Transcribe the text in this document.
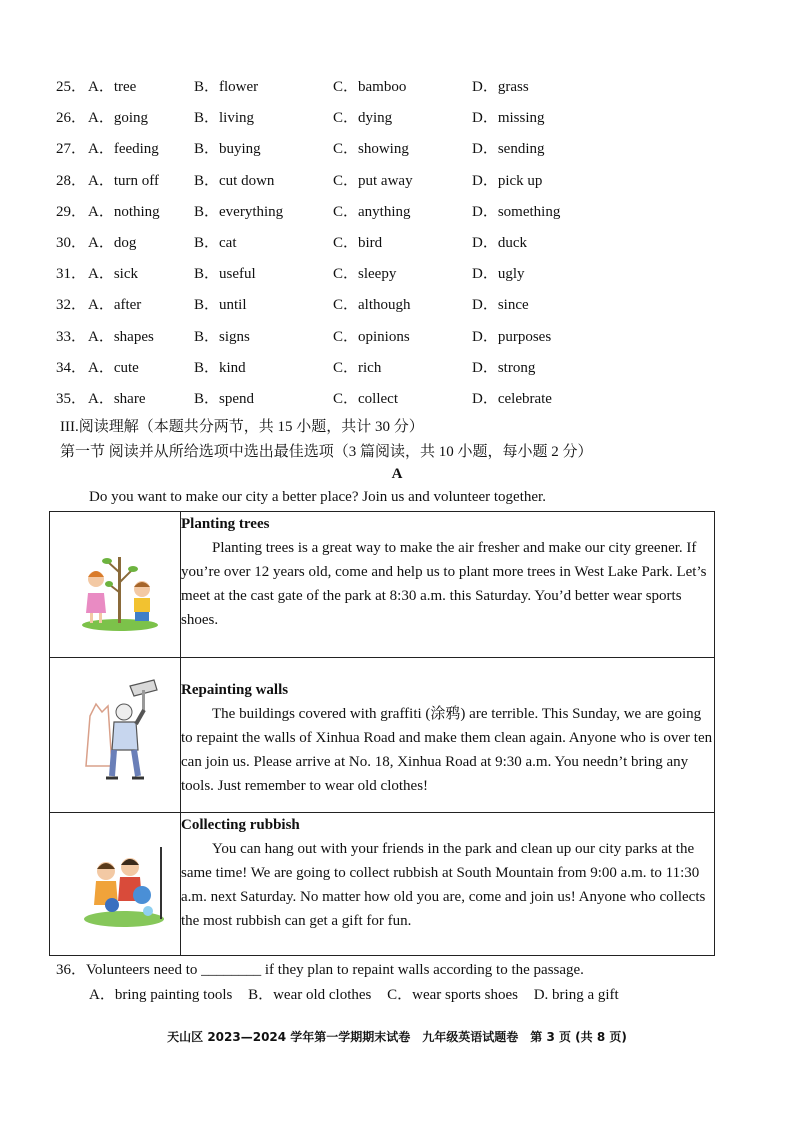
25． A．tree	B．flower	C．bamboo	D．grass
26． A．going	B．living	C．dying	D．missing
27． A．feeding B．buying	C．showing	D．sending
28． A．turn off B．cut down	C．put away	D．pick up
29． A．nothing B．everything	C．anything	D．something
30． A．dog	B．cat	C．bird	D．duck
31． A．sick	B．useful	C．sleepy	D．ugly
32． A．after	B．until	C．although	D．since
33． A．shapes	B．signs	C．opinions	D．purposes
34． A．cute	B．kind	C．rich	D．strong
35． A．share	B．spend	C．collect	D．celebrate
III.阅读理解（本题共分两节，共 15 小题，共计 30 分）
第一节 阅读并从所给选项中选出最佳选项（3 篇阅读，共 10 小题，每小题 2 分）
A
Do you want to make our city a better place? Join us and volunteer together.

Planting trees
Planting trees is a great way to make the air fresher and make our city greener. If you’re over 12 years old, come and help us to plant more trees in West Lake Park. Let’s meet at the cast gate of the park at 8:30 a.m. this Saturday. You’d better wear sports shoes.

Repainting walls
The buildings covered with graffiti (涂鸦) are terrible. This Sunday, we are going to repaint the walls of Xinhua Road and make them clean again. Anyone who is over ten can join us. Please arrive at No. 18, Xinhua Road at 9:30 a.m. You needn’t bring any tools. Just remember to wear old clothes!

Collecting rubbish
You can hang out with your friends in the park and clean up our city parks at the same time! We are going to collect rubbish at South Mountain from 9:00 a.m. to 11:30 a.m. next Saturday. No matter how old you are, come and join us! Anyone who collects the most rubbish can get a gift for fun.
36．Volunteers need to ________ if they plan to repaint walls according to the passage.
A．bring painting tools B．wear old clothes C．wear sports shoes D. bring a gift
天山区 2023—2024 学年第一学期期末试卷　九年级英语试题卷　第 3 页 (共 8 页)
